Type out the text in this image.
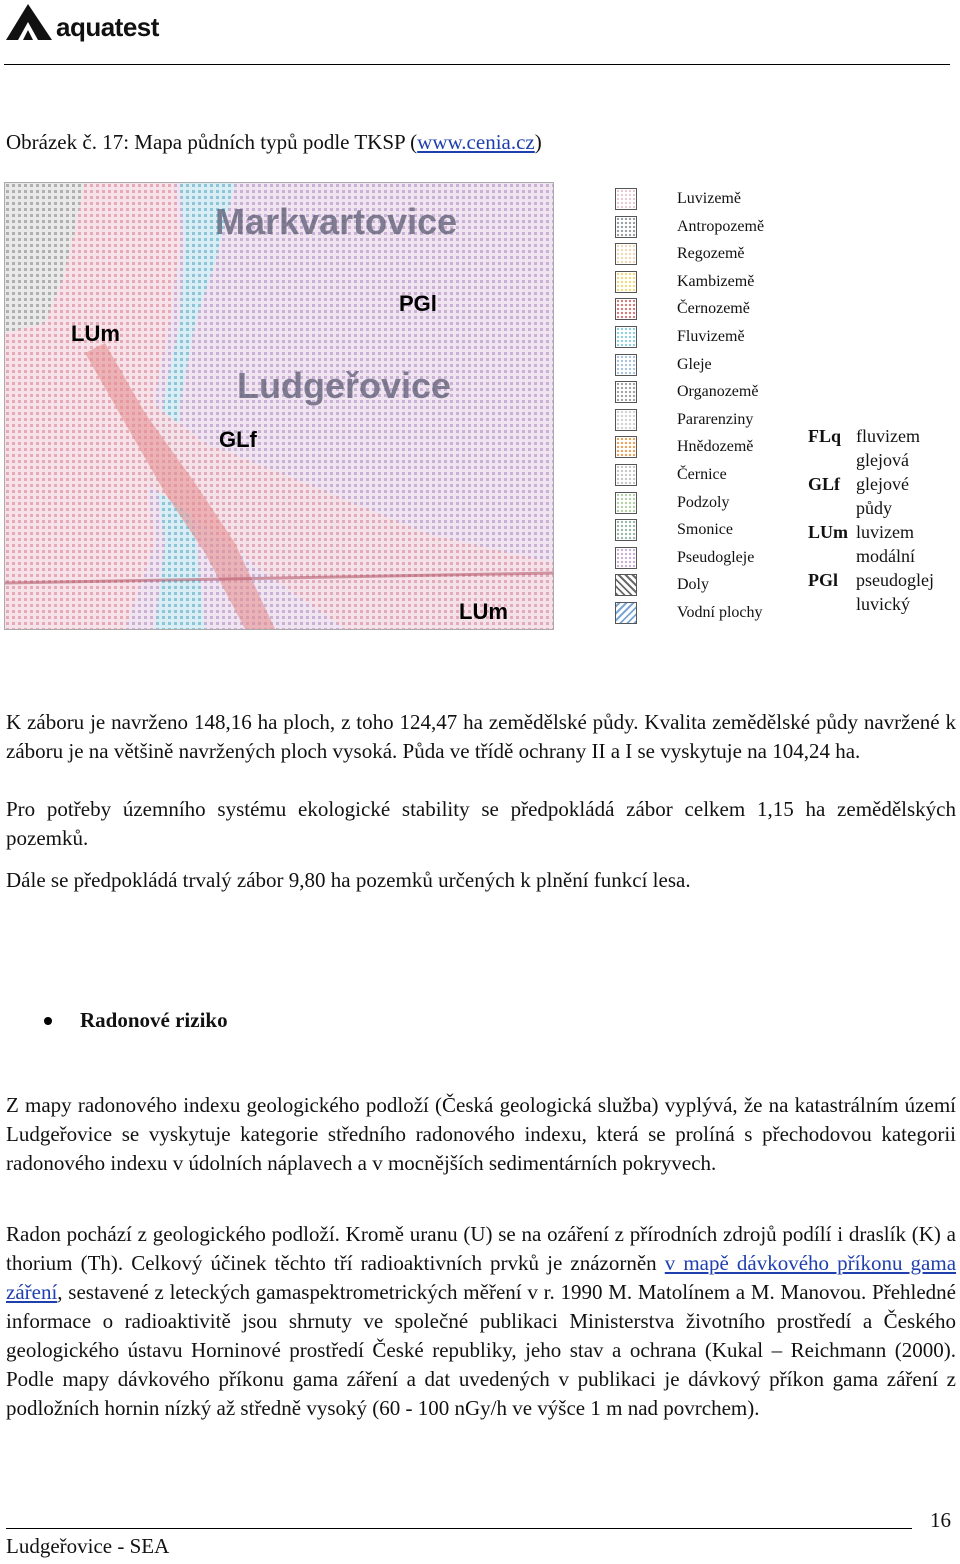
aquatest
Obrázek č. 17: Mapa půdních typů podle TKSP (www.cenia.cz)
Markvartovice
Ludgeřovice
LUm
PGl
GLf
LUm
Luvizemě
Antropozemě
Regozemě
Kambizemě
Černozemě
Fluvizemě
Gleje
Organozemě
Pararenziny
Hnědozemě
Černice
Podzoly
Smonice
Pseudogleje
Doly
Vodní plochy
FLq fluvizem
glejová
GLf glejové
půdy
LUm luvizem
modální
PGl pseudoglej
luvický
K záboru je navrženo 148,16 ha ploch, z toho 124,47 ha zemědělské půdy. Kvalita zemědělské půdy navržené k záboru je na většině navržených ploch vysoká. Půda ve třídě ochrany II a I se vyskytuje na 104,24 ha.
Pro potřeby územního systému ekologické stability se předpokládá zábor celkem 1,15 ha zemědělských pozemků.
Dále se předpokládá trvalý zábor 9,80 ha pozemků určených k plnění funkcí lesa.
Radonové riziko
Z mapy radonového indexu geologického podloží (Česká geologická služba) vyplývá, že na katastrálním území Ludgeřovice se vyskytuje kategorie středního radonového indexu, která se prolíná s přechodovou kategorii radonového indexu v údolních náplavech a v mocnějších sedimentárních pokryvech.
Radon pochází z geologického podloží. Kromě uranu (U) se na ozáření z přírodních zdrojů podílí i draslík (K) a thorium (Th). Celkový účinek těchto tří radioaktivních prvků je znázorněn v mapě dávkového příkonu gama záření, sestavené z leteckých gamaspektrometrických měření v r. 1990 M. Matolínem a M. Manovou. Přehledné informace o radioaktivitě jsou shrnuty ve společné publikaci Ministerstva životního prostředí a Českého geologického ústavu Horninové prostředí České republiky, jeho stav a ochrana (Kukal – Reichmann (2000). Podle mapy dávkového příkonu gama záření a dat uvedených v publikaci je dávkový příkon gama záření z podložních hornin nízký až středně vysoký (60 - 100 nGy/h ve výšce 1 m nad povrchem).
16
Ludgeřovice - SEA
